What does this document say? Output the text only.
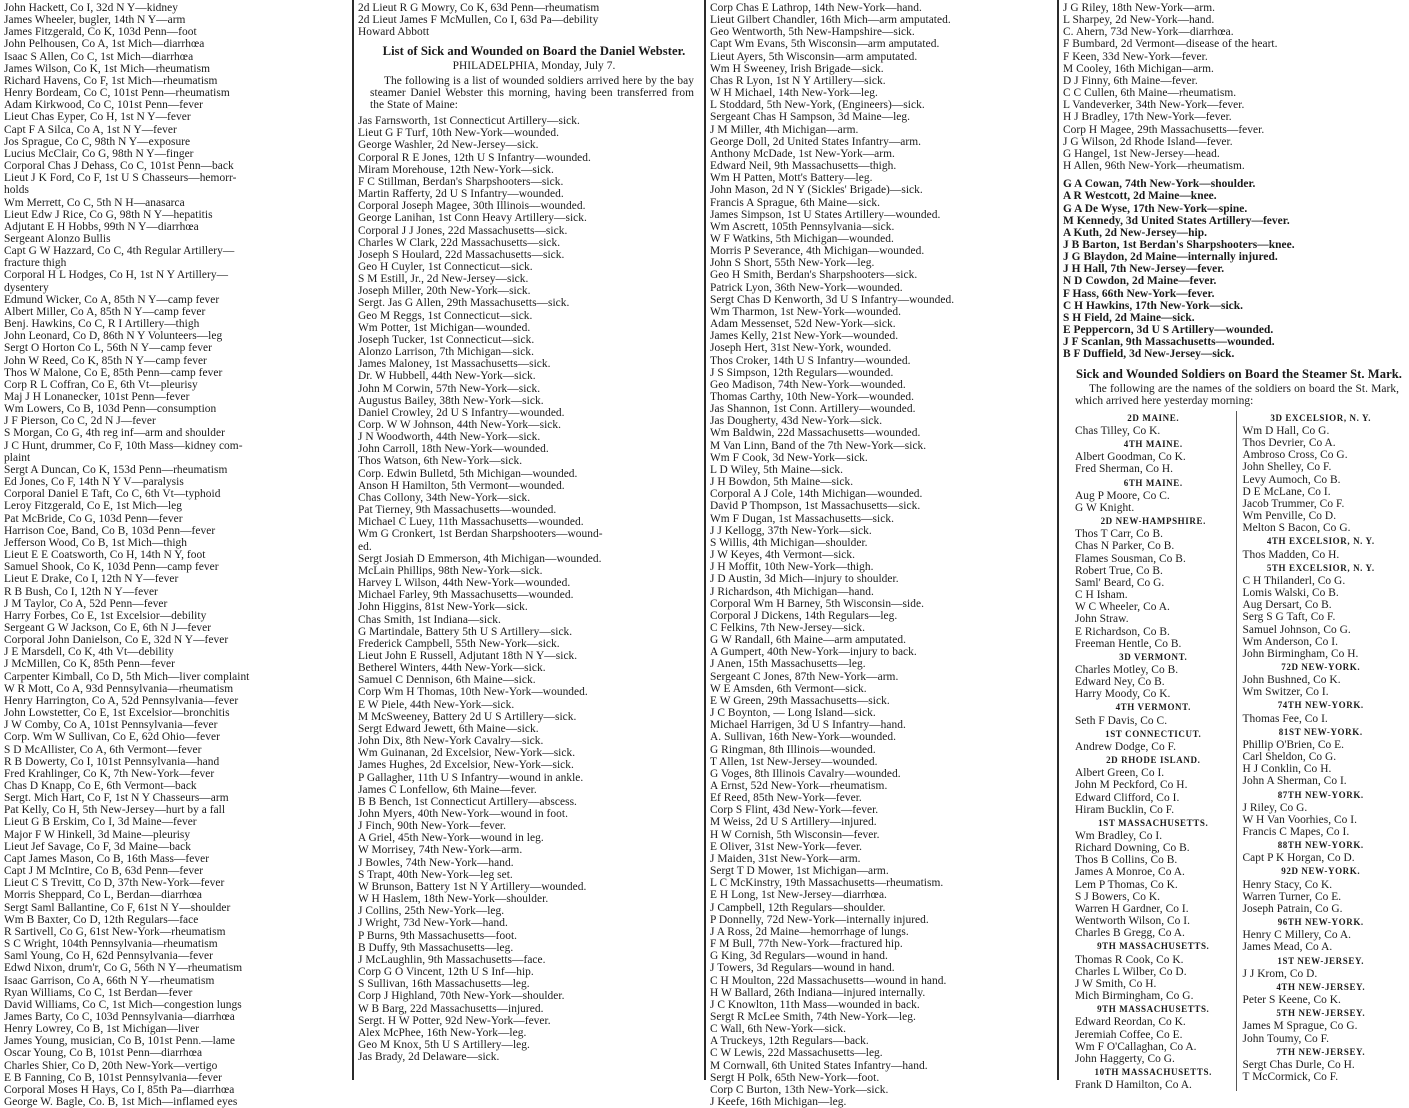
John Hackett, Co I, 32d N Y—kidney
James Wheeler, bugler, 14th N Y—arm
James Fitzgerald, Co K, 103d Penn—foot
John Pelhousen, Co A, 1st Mich—diarrhœa
Isaac S Allen, Co C, 1st Mich—diarrhœa
James Wilson, Co K, 1st Mich—rheumatism
Richard Havens, Co F, 1st Mich—rheumatism
Henry Bordeam, Co C, 101st Penn—rheumatism
Adam Kirkwood, Co C, 101st Penn—fever
Lieut Chas Eyper, Co H, 1st N Y—fever
Capt F A Silca, Co A, 1st N Y—fever
Jos Sprague, Co C, 98th N Y—exposure
Lucius McClair, Co G, 98th N Y—finger
Corporal Chas J Dehass, Co C, 101st Penn—back
Lieut J K Ford, Co F, 1st U S Chasseurs—hemorr-
holds
Wm Merrett, Co C, 5th N H—anasarca
Lieut Edw J Rice, Co G, 98th N Y—hepatitis
Adjutant E H Hobbs, 99th N Y—diarrhœa
Sergeant Alonzo Bullis
Capt G W Hazzard, Co C, 4th Regular Artillery—
fracture thigh
Corporal H L Hodges, Co H, 1st N Y Artillery—
dysentery
Edmund Wicker, Co A, 85th N Y—camp fever
Albert Miller, Co A, 85th N Y—camp fever
Benj. Hawkins, Co C, R I Artillery—thigh
John Leonard, Co D, 86th N Y Volunteers—leg
Sergt O Horton Co L, 56th N Y—camp fever
John W Reed, Co K, 85th N Y—camp fever
Thos W Malone, Co E, 85th Penn—camp fever
Corp R L Coffran, Co E, 6th Vt—pleurisy
Maj J H Lonanecker, 101st Penn—fever
Wm Lowers, Co B, 103d Penn—consumption
J F Pierson, Co C, 2d N J—fever
S Morgan, Co G, 4th reg inf—arm and shoulder
J C Hunt, drummer, Co F, 10th Mass—kidney com-
plaint
Sergt A Duncan, Co K, 153d Penn—rheumatism
Ed Jones, Co F, 14th N Y V—paralysis
Corporal Daniel E Taft, Co C, 6th Vt—typhoid
Leroy Fitzgerald, Co E, 1st Mich—leg
Pat McBride, Co G, 103d Penn—fever
Harrison Coe, Band, Co B, 103d Penn—fever
Jefferson Wood, Co B, 1st Mich—thigh
Lieut E E Coatsworth, Co H, 14th N Y, foot
Samuel Shook, Co K, 103d Penn—camp fever
Lieut E Drake, Co I, 12th N Y—fever
R B Bush, Co I, 12th N Y—fever
J M Taylor, Co A, 52d Penn—fever
Harry Forbes, Co E, 1st Excelsior—debility
Sergeant G W Jackson, Co E, 6th N J—fever
Corporal John Danielson, Co E, 32d N Y—fever
J E Marsdell, Co K, 4th Vt—debility
J McMillen, Co K, 85th Penn—fever
Carpenter Kimball, Co D, 5th Mich—liver complaint
W R Mott, Co A, 93d Pennsylvania—rheumatism
Henry Harrington, Co A, 52d Pennsylvania—fever
John Lowstetter, Co E, 1st Excelsior—bronchitis
J W Comby, Co A, 101st Pennsylvania—fever
Corp. Wm W Sullivan, Co E, 62d Ohio—fever
S D McAllister, Co A, 6th Vermont—fever
R B Dowerty, Co I, 101st Pennsylvania—hand
Fred Krahlinger, Co K, 7th New-York—fever
Chas D Knapp, Co E, 6th Vermont—back
Sergt. Mich Hart, Co F, 1st N Y Chasseurs—arm
Pat Kelly, Co H, 5th New-Jersey—hurt by a fall
Lieut G B Erskim, Co I, 3d Maine—fever
Major F W Hinkell, 3d Maine—pleurisy
Lieut Jef Savage, Co F, 3d Maine—back
Capt James Mason, Co B, 16th Mass—fever
Capt J M McIntire, Co B, 63d Penn—fever
Lieut C S Trevitt, Co D, 37th New-York—fever
Morris Sheppard, Co L, Berdan—diarrhœa
Sergt Saml Ballantine, Co F, 61st N Y—shoulder
Wm B Baxter, Co D, 12th Regulars—face
R Sartivell, Co G, 61st New-York—rheumatism
S C Wright, 104th Pennsylvania—rheumatism
Saml Young, Co H, 62d Pennsylvania—fever
Edwd Nixon, drum'r, Co G, 56th N Y—rheumatism
Isaac Garrison, Co A, 66th N Y—rheumatism
Ryan Williams, Co C, 1st Berdan—fever
David Williams, Co C, 1st Mich—congestion lungs
James Barty, Co C, 103d Pennsylvania—diarrhœa
Henry Lowrey, Co B, 1st Michigan—liver
James Young, musician, Co B, 101st Penn.—lame
Oscar Young, Co B, 101st Penn—diarrhœa
Charles Shier, Co D, 20th New-York—vertigo
E B Fanning, Co B, 101st Pennsylvania—fever
Corporal Moses H Hays, Co I, 85th Pa—diarrhœa
George W. Bagle, Co. B, 1st Mich—inflamed eyes
2d Lieut R G Mowry, Co K, 63d Penn—rheumatism
2d Lieut James F McMullen, Co I, 63d Pa—debility
Howard Abbott
List of Sick and Wounded on Board the Daniel Webster.
PHILADELPHIA, Monday, July 7.
The following is a list of wounded soldiers arrived here by the bay steamer Daniel Webster this morning, having been transferred from the State of Maine:
Jas Farnsworth, 1st Connecticut Artillery—sick.
Lieut G F Turf, 10th New-York—wounded.
George Washler, 2d New-Jersey—sick.
Corporal R E Jones, 12th U S Infantry—wounded.
Miram Morehouse, 12th New-York—sick.
F C Stillman, Berdan's Sharpshooters—sick.
Martin Rafferty, 2d U S Infantry—wounded.
Corporal Joseph Magee, 30th Illinois—wounded.
George Lanihan, 1st Conn Heavy Artillery—sick.
Corporal J J Jones, 22d Massachusetts—sick.
Charles W Clark, 22d Massachusetts—sick.
Joseph S Houlard, 22d Massachusetts—sick.
Geo H Cuyler, 1st Connecticut—sick.
S M Estill, Jr., 2d New-Jersey—sick.
Joseph Miller, 20th New-York—sick.
Sergt. Jas G Allen, 29th Massachusetts—sick.
Geo M Reggs, 1st Connecticut—sick.
Wm Potter, 1st Michigan—wounded.
Joseph Tucker, 1st Connecticut—sick.
Alonzo Larrison, 7th Michigan—sick.
James Maloney, 1st Massachusetts—sick.
Dr. W Hubbell, 44th New-York—sick.
John M Corwin, 57th New-York—sick.
Augustus Bailey, 38th New-York—sick.
Daniel Crowley, 2d U S Infantry—wounded.
Corp. W W Johnson, 44th New-York—sick.
J N Woodworth, 44th New-York—sick.
John Carroll, 18th New-York—wounded.
Thos Watson, 6th New-York—sick.
Corp. Edwin Bulletd, 5th Michigan—wounded.
Anson H Hamilton, 5th Vermont—wounded.
Chas Collony, 34th New-York—sick.
Pat Tierney, 9th Massachusetts—wounded.
Michael C Luey, 11th Massachusetts—wounded.
Wm G Cronkert, 1st Berdan Sharpshooters—wound-
ed.
Sergt Josiah D Emmerson, 4th Michigan—wounded.
McLain Phillips, 98th New-York—sick.
Harvey L Wilson, 44th New-York—wounded.
Michael Farley, 9th Massachusetts—wounded.
John Higgins, 81st New-York—sick.
Chas Smith, 1st Indiana—sick.
G Martindale, Battery 5th U S Artillery—sick.
Frederick Campbell, 55th New-York—sick.
Lieut John E Russell, Adjutant 18th N Y—sick.
Betherel Winters, 44th New-York—sick.
Samuel C Dennison, 6th Maine—sick.
Corp Wm H Thomas, 10th New-York—wounded.
E W Piele, 44th New-York—sick.
M McSweeney, Battery 2d U S Artillery—sick.
Sergt Edward Jewett, 6th Maine—sick.
John Dix, 8th New-York Cavalry—sick.
Wm Guinanan, 2d Excelsior, New-York—sick.
James Hughes, 2d Excelsior, New-York—sick.
P Gallagher, 11th U S Infantry—wound in ankle.
James C Lonfellow, 6th Maine—fever.
B B Bench, 1st Connecticut Artillery—abscess.
John Myers, 40th New-York—wound in foot.
J Finch, 90th New-York—fever.
A Griel, 45th New-York—wound in leg.
W Morrisey, 74th New-York—arm.
J Bowles, 74th New-York—hand.
S Trapt, 40th New-York—leg set.
W Brunson, Battery 1st N Y Artillery—wounded.
W H Haslem, 18th New-York—shoulder.
J Collins, 25th New-York—leg.
J Wright, 73d New-York—hand.
P Burns, 9th Massachusetts—foot.
B Duffy, 9th Massachusetts—leg.
J McLaughlin, 9th Massachusetts—face.
Corp G O Vincent, 12th U S Inf—hip.
S Sullivan, 16th Massachusetts—leg.
Corp J Highland, 70th New-York—shoulder.
W B Barg, 22d Massachusetts—injured.
Sergt. H W Potter, 92d New-York—fever.
Alex McPhee, 16th New-York—leg.
Geo M Knox, 5th U S Artillery—leg.
Jas Brady, 2d Delaware—sick.
Corp Chas E Lathrop, 14th New-York—hand.
Lieut Gilbert Chandler, 16th Mich—arm amputated.
Geo Wentworth, 5th New-Hampshire—sick.
Capt Wm Evans, 5th Wisconsin—arm amputated.
Lieut Ayers, 5th Wisconsin—arm amputated.
Wm H Sweeney, Irish Brigade—sick.
Chas R Lyon, 1st N Y Artillery—sick.
W H Michael, 14th New-York—leg.
L Stoddard, 5th New-York, (Engineers)—sick.
Sergeant Chas H Sampson, 3d Maine—leg.
J M Miller, 4th Michigan—arm.
George Doll, 2d United States Infantry—arm.
Anthony McDade, 1st New-York—arm.
Edward Neil, 9th Massachusetts—thigh.
Wm H Patten, Mott's Battery—leg.
John Mason, 2d N Y (Sickles' Brigade)—sick.
Francis A Sprague, 6th Maine—sick.
James Simpson, 1st U States Artillery—wounded.
Wm Ascrett, 105th Pennsylvania—sick.
W F Watkins, 5th Michigan—wounded.
Morris P Severance, 4th Michigan—wounded.
John S Short, 55th New-York—leg.
Geo H Smith, Berdan's Sharpshooters—sick.
Patrick Lyon, 36th New-York—wounded.
Sergt Chas D Kenworth, 3d U S Infantry—wounded.
Wm Tharmon, 1st New-York—wounded.
Adam Messenset, 52d New-York—sick.
James Kelly, 21st New-York—wounded.
Joseph Hert, 31st New-York, wounded.
Thos Croker, 14th U S Infantry—wounded.
J S Simpson, 12th Regulars—wounded.
Geo Madison, 74th New-York—wounded.
Thomas Carthy, 10th New-York—wounded.
Jas Shannon, 1st Conn. Artillery—wounded.
Jas Dougherty, 43d New-York—sick.
Wm Baldwin, 22d Massachusetts—wounded.
M Van Linn, Band of the 7th New-York—sick.
Wm F Cook, 3d New-York—sick.
L D Wiley, 5th Maine—sick.
J H Bowdon, 5th Maine—sick.
Corporal A J Cole, 14th Michigan—wounded.
David P Thompson, 1st Massachusetts—sick.
Wm F Dugan, 1st Massachusetts—sick.
J J Kellogg, 37th New-York—sick.
S Willis, 4th Michigan—shoulder.
J W Keyes, 4th Vermont—sick.
J H Moffit, 10th New-York—thigh.
J D Austin, 3d Mich—injury to shoulder.
J Richardson, 4th Michigan—hand.
Corporal Wm H Barney, 5th Wisconsin—side.
Corporal J Dickens, 14th Regulars—leg.
C Felkins, 7th New-Jersey—sick.
G W Randall, 6th Maine—arm amputated.
A Gumpert, 40th New-York—injury to back.
J Anen, 15th Massachusetts—leg.
Sergeant C Jones, 87th New-York—arm.
W E Amsden, 6th Vermont—sick.
E W Green, 29th Massachusetts—sick.
J C Boynton, — Long Island—sick.
Michael Harrigen, 3d U S Infantry—hand.
A. Sullivan, 16th New-York—wounded.
G Ringman, 8th Illinois—wounded.
T Allen, 1st New-Jersey—wounded.
G Voges, 8th Illinois Cavalry—wounded.
A Ernst, 52d New-York—rheumatism.
Ef Reed, 85th New-York—fever.
Corp S Flint, 43d New-York—fever.
M Weiss, 2d U S Artillery—injured.
H W Cornish, 5th Wisconsin—fever.
E Oliver, 31st New-York—fever.
J Maiden, 31st New-York—arm.
Sergt T D Mower, 1st Michigan—arm.
L C McKinstry, 19th Massachusetts—rheumatism.
E H Long, 1st New-Jersey—diarrhœa.
J Campbell, 12th Regulars—shoulder.
P Donnelly, 72d New-York—internally injured.
J A Ross, 2d Maine—hemorrhage of lungs.
F M Bull, 77th New-York—fractured hip.
G King, 3d Regulars—wound in hand.
J Towers, 3d Regulars—wound in hand.
C H Moulton, 22d Massachusetts—wound in hand.
H W Ballard, 26th Indiana—injured internally.
J C Knowlton, 11th Mass—wounded in back.
Sergt R McLee Smith, 74th New-York—leg.
C Wall, 6th New-York—sick.
A Truckeys, 12th Regulars—back.
C W Lewis, 22d Massachusetts—leg.
M Cornwall, 6th United States Infantry—hand.
Sergt H Polk, 65th New-York—foot.
Corp C Burton, 13th New-York—sick.
J Keefe, 16th Michigan—leg.
J G Riley, 18th New-York—arm.
L Sharpey, 2d New-York—hand.
C. Ahern, 73d New-York—diarrhœa.
F Bumbard, 2d Vermont—disease of the heart.
F Keen, 33d New-York—fever.
M Cooley, 16th Michigan—arm.
D J Finny, 6th Maine—fever.
C C Cullen, 6th Maine—rheumatism.
L Vandeverker, 34th New-York—fever.
H J Bradley, 17th New-York—fever.
Corp H Magee, 29th Massachusetts—fever.
J G Wilson, 2d Rhode Island—fever.
G Hangel, 1st New-Jersey—head.
H Allen, 96th New-York—rheumatism.
G A Cowan, 74th New-York—shoulder.
A R Westcott, 2d Maine—knee.
G A De Wyse, 17th New-York—spine.
M Kennedy, 3d United States Artillery—fever.
A Kuth, 2d New-Jersey—hip.
J B Barton, 1st Berdan's Sharpshooters—knee.
J G Blaydon, 2d Maine—internally injured.
J H Hall, 7th New-Jersey—fever.
N D Cowdon, 2d Maine—fever.
F Hass, 66th New-York—fever.
C H Hawkins, 17th New-York—sick.
S H Field, 2d Maine—sick.
E Peppercorn, 3d U S Artillery—wounded.
J F Scanlan, 9th Massachusetts—wounded.
B F Duffield, 3d New-Jersey—sick.
Sick and Wounded Soldiers on Board the Steamer St. Mark.
The following are the names of the soldiers on board the St. Mark, which arrived here yesterday morning:
2D MAINE.
Chas Tilley, Co K.
4TH MAINE.
Albert Goodman, Co K.
Fred Sherman, Co H.
6TH MAINE.
Aug P Moore, Co C.
G W Knight.
2D NEW-HAMPSHIRE.
Thos T Carr, Co B.
Chas N Parker, Co B.
Flames Sousman, Co B.
Robert True, Co B.
Saml' Beard, Co G.
C H Isham.
W C Wheeler, Co A.
John Straw.
E Richardson, Co B.
Freeman Hentle, Co B.
3D VERMONT.
Charles Motley, Co B.
Edward Ney, Co B.
Harry Moody, Co K.
4TH VERMONT.
Seth F Davis, Co C.
1ST CONNECTICUT.
Andrew Dodge, Co F.
2D RHODE ISLAND.
Albert Green, Co I.
John M Peckford, Co H.
Edward Clifford, Co I.
Hiram Bucklin, Co F.
1ST MASSACHUSETTS.
Wm Bradley, Co I.
Richard Downing, Co B.
Thos B Collins, Co B.
James A Monroe, Co A.
Lem P Thomas, Co K.
S J Bowers, Co K.
Warren H Gardner, Co I.
Wentworth Wilson, Co I.
Charles B Gregg, Co A.
9TH MASSACHUSETTS.
Thomas R Cook, Co K.
Charles L Wilber, Co D.
J W Smith, Co H.
Mich Birmingham, Co G.
9TH MASSACHUSETTS.
Edward Reordan, Co K.
Jeremiah Coffee, Co E.
Wm F O'Callaghan, Co A.
John Haggerty, Co G.
10TH MASSACHUSETTS.
Frank D Hamilton, Co A.
3D EXCELSIOR, N. Y.
Wm D Hall, Co G.
Thos Devrier, Co A.
Ambroso Cross, Co G.
John Shelley, Co F.
Levy Aumoch, Co B.
D E McLane, Co I.
Jacob Trummer, Co F.
Wm Penville, Co D.
Melton S Bacon, Co G.
4TH EXCELSIOR, N. Y.
Thos Madden, Co H.
5TH EXCELSIOR, N. Y.
C H Thilanderl, Co G.
Lomis Walski, Co B.
Aug Dersart, Co B.
Serg S G Taft, Co F.
Samuel Johnson, Co G.
Wm Anderson, Co I.
John Birmingham, Co H.
72D NEW-YORK.
John Bushned, Co K.
Wm Switzer, Co I.
74TH NEW-YORK.
Thomas Fee, Co I.
81ST NEW-YORK.
Phillip O'Brien, Co E.
Carl Sheldon, Co G.
H J Conklin, Co H.
John A Sherman, Co I.
87TH NEW-YORK.
J Riley, Co G.
W H Van Voorhies, Co I.
Francis C Mapes, Co I.
88TH NEW-YORK.
Capt P K Horgan, Co D.
92D NEW-YORK.
Henry Stacy, Co K.
Warren Turner, Co E.
Joseph Patrain, Co G.
96TH NEW-YORK.
Henry C Millery, Co A.
James Mead, Co A.
1ST NEW-JERSEY.
J J Krom, Co D.
4TH NEW-JERSEY.
Peter S Keene, Co K.
5TH NEW-JERSEY.
James M Sprague, Co G.
John Toumy, Co F.
7TH NEW-JERSEY.
Sergt Chas Durle, Co H.
T McCormick, Co F.
